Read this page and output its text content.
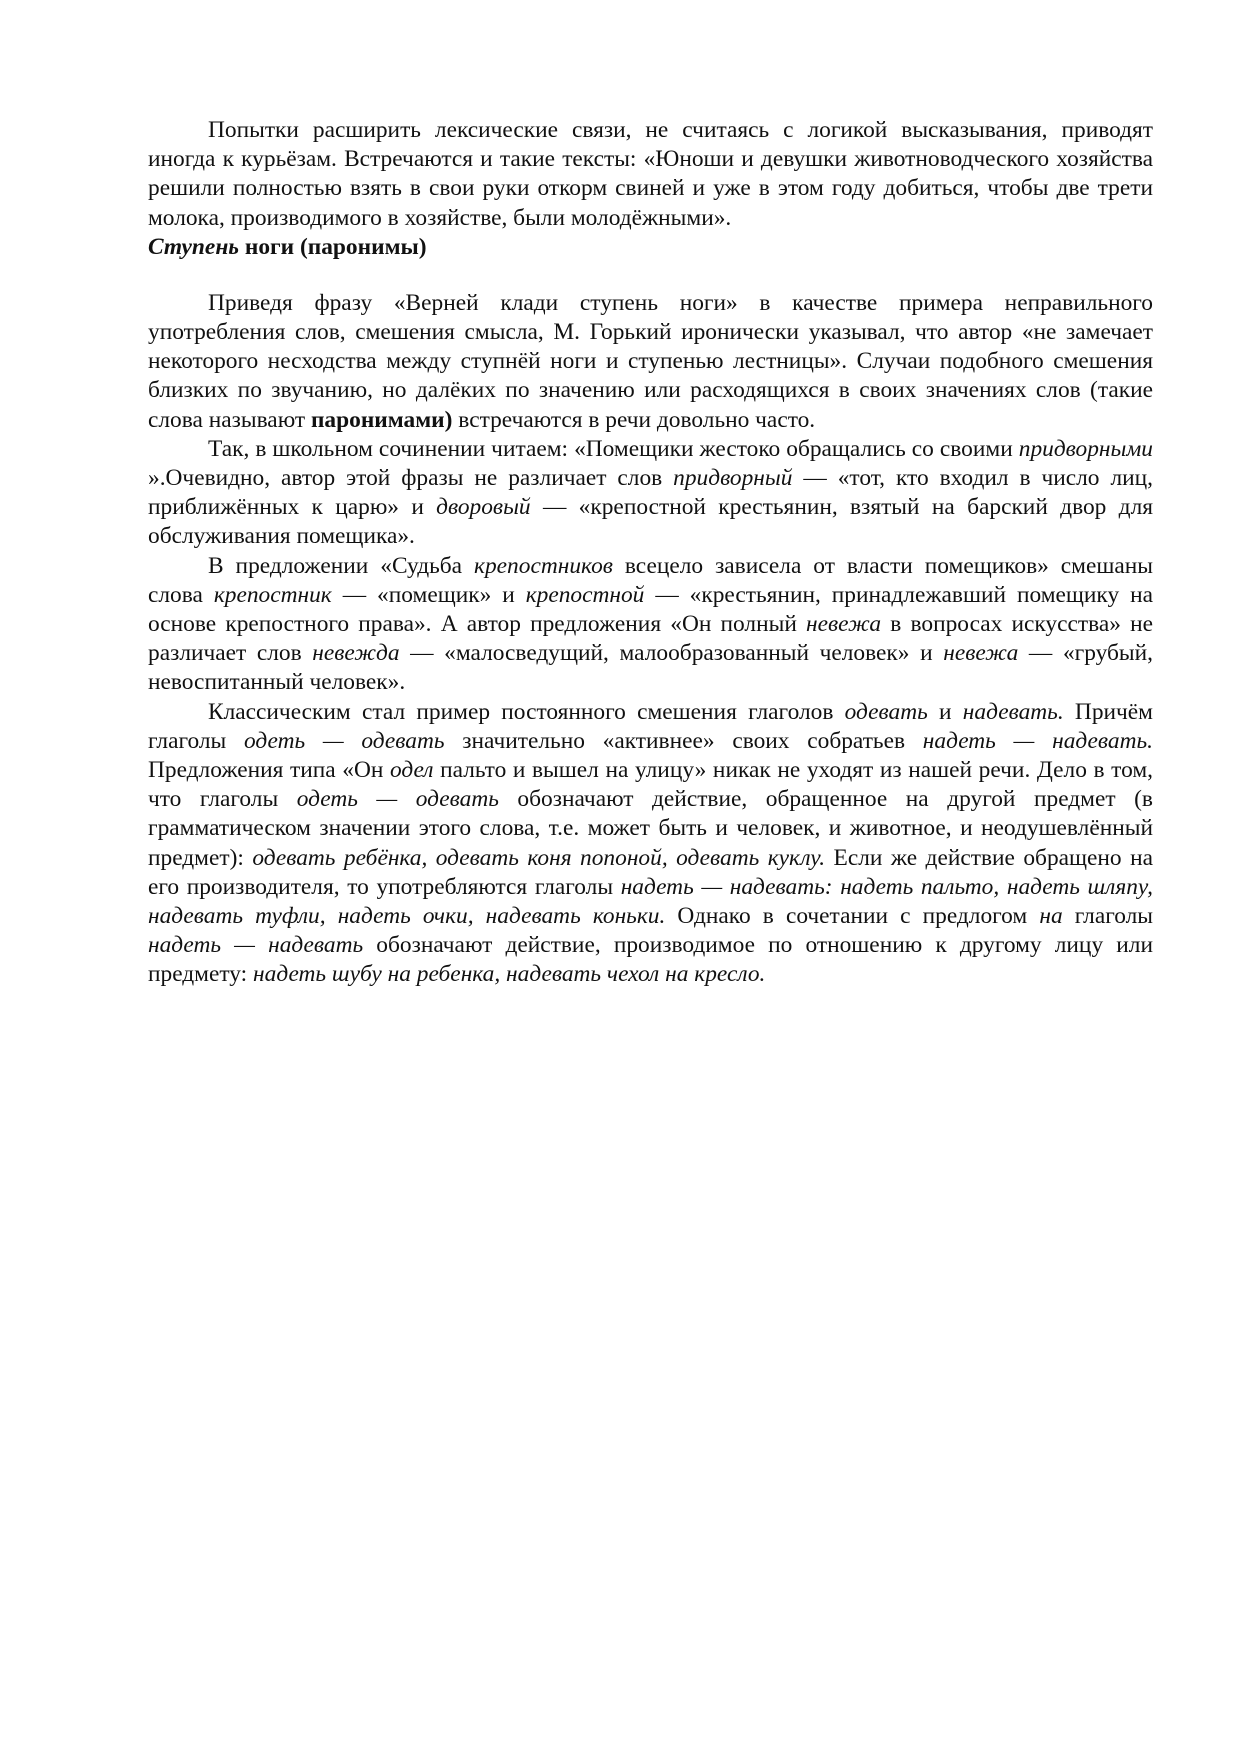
Попытки расширить лексические связи, не считаясь с логикой высказывания, приводят иногда к курьёзам. Встречаются и такие тексты: «Юноши и девушки животноводческого хозяйства решили полностью взять в свои руки откорм свиней и уже в этом году добиться, чтобы две трети молока, производимого в хозяйстве, были молодёжными».

Ступень ноги (паронимы)

Приведя фразу «Верней клади ступень ноги» в качестве примера неправильного употребления слов, смешения смысла, М. Горький иронически указывал, что автор «не замечает некоторого несходства между ступнёй ноги и ступенью лестницы». Случаи подобного смешения близких по звучанию, но далёких по значению или расходящихся в своих значениях слов (такие слова называют паронимами) встречаются в речи довольно часто.

Так, в школьном сочинении читаем: «Помещики жестоко обращались со своими придворными ».Очевидно, автор этой фразы не различает слов придворный — «тот, кто входил в число лиц, приближённых к царю» и дворовый — «крепостной крестьянин, взятый на барский двор для обслуживания помещика».

В предложении «Судьба крепостников всецело зависела от власти помещиков» смешаны слова крепостник — «помещик» и крепостной — «крестьянин, принадлежавший помещику на основе крепостного права». А автор предложения «Он полный невежа в вопросах искусства» не различает слов невежда — «малосведущий, малообразованный человек» и невежа — «грубый, невоспитанный человек».

Классическим стал пример постоянного смешения глаголов одевать и надевать. Причём глаголы одеть — одевать значительно «активнее» своих собратьев надеть — надевать. Предложения типа «Он одел пальто и вышел на улицу» никак не уходят из нашей речи. Дело в том, что глаголы одеть — одевать обозначают действие, обращенное на другой предмет (в грамматическом значении этого слова, т.е. может быть и человек, и животное, и неодушевлённый предмет): одевать ребёнка, одевать коня попоной, одевать куклу. Если же действие обращено на его производителя, то употребляются глаголы надеть — надевать: надеть пальто, надеть шляпу, надевать туфли, надеть очки, надевать коньки. Однако в сочетании с предлогом на глаголы надеть — надевать обозначают действие, производимое по отношению к другому лицу или предмету: надеть шубу на ребенка, надевать чехол на кресло.
